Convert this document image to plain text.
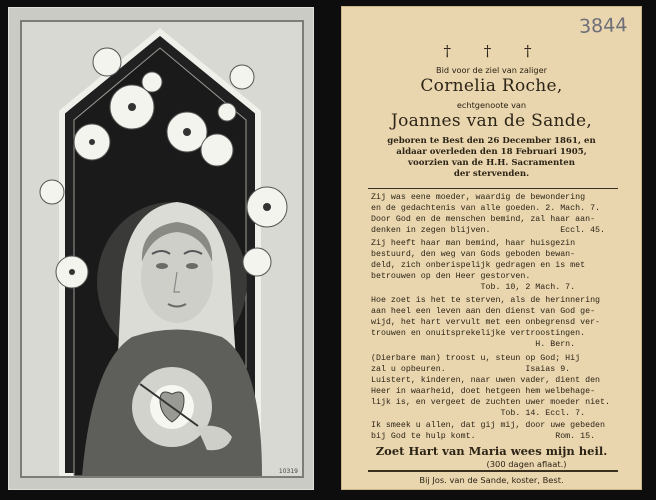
10319
3844
† † †
Bid voor de ziel van zaliger
Cornelia Roche,
echtgenoote van
Joannes van de Sande,
geboren te Best den 26 December 1861, en
aldaar overleden den 18 Februari 1905,
voorzien van de H.H. Sacramenten
der stervenden.
Zij was eene moeder, waardig de bewondering
en de gedachtenis van alle goeden. 2. Mach. 7.
Door God en de menschen bemind, zal haar aan-
denken in zegen blijven.              Eccl. 45.
Zij heeft haar man bemind, haar huisgezin
bestuurd, den weg van Gods geboden bewan-
deld, zich onberispelijk gedragen en is met
betrouwen op den Heer gestorven.
Tob. 10, 2 Mach. 7.
Hoe zoet is het te sterven, als de herinnering
aan heel een leven aan den dienst van God ge-
wijd, het hart vervult met een onbegrensd ver-
trouwen en onuitsprekelijke vertroostingen.
H. Bern.
(Dierbare man) troost u, steun op God; Hij
zal u opbeuren.                Isaias 9.
Luistert, kinderen, naar uwen vader, dient den
Heer in waarheid, doet hetgeen hem welbehage-
lijk is, en vergeet de zuchten uwer moeder niet.
Tob. 14. Eccl. 7.
Ik smeek u allen, dat gij mij, door uwe gebeden
bij God te hulp komt.                Rom. 15.
Zoet Hart van Maria wees mijn heil.
(300 dagen aflaat.)
Bij Jos. van de Sande, koster, Best.
